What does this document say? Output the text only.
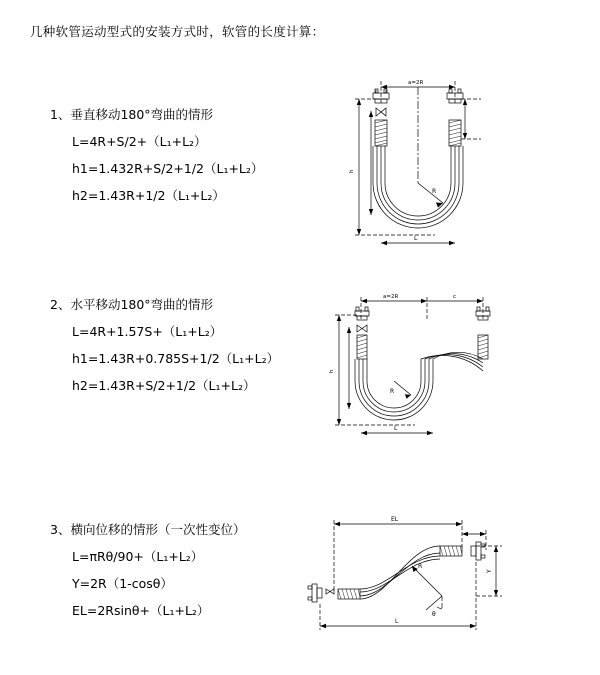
几种软管运动型式的安装方式时，软管的长度计算：
1、垂直移动180°弯曲的情形
L=4R+S/2+（L₁+L₂）
h1=1.432R+S/2+1/2（L₁+L₂）
h2=1.43R+1/2（L₁+L₂）
a=2R
h
R
L
2、水平移动180°弯曲的情形
L=4R+1.57S+（L₁+L₂）
h1=1.43R+0.785S+1/2（L₁+L₂）
h2=1.43R+S/2+1/2（L₁+L₂）
a=2R	c
h
R
L
3、横向位移的情形（一次性变位）
L=πRθ/90+（L₁+L₂）
Y=2R（1-cosθ）
EL=2Rsinθ+（L₁+L₂）
EL
Y
R
θ
L
